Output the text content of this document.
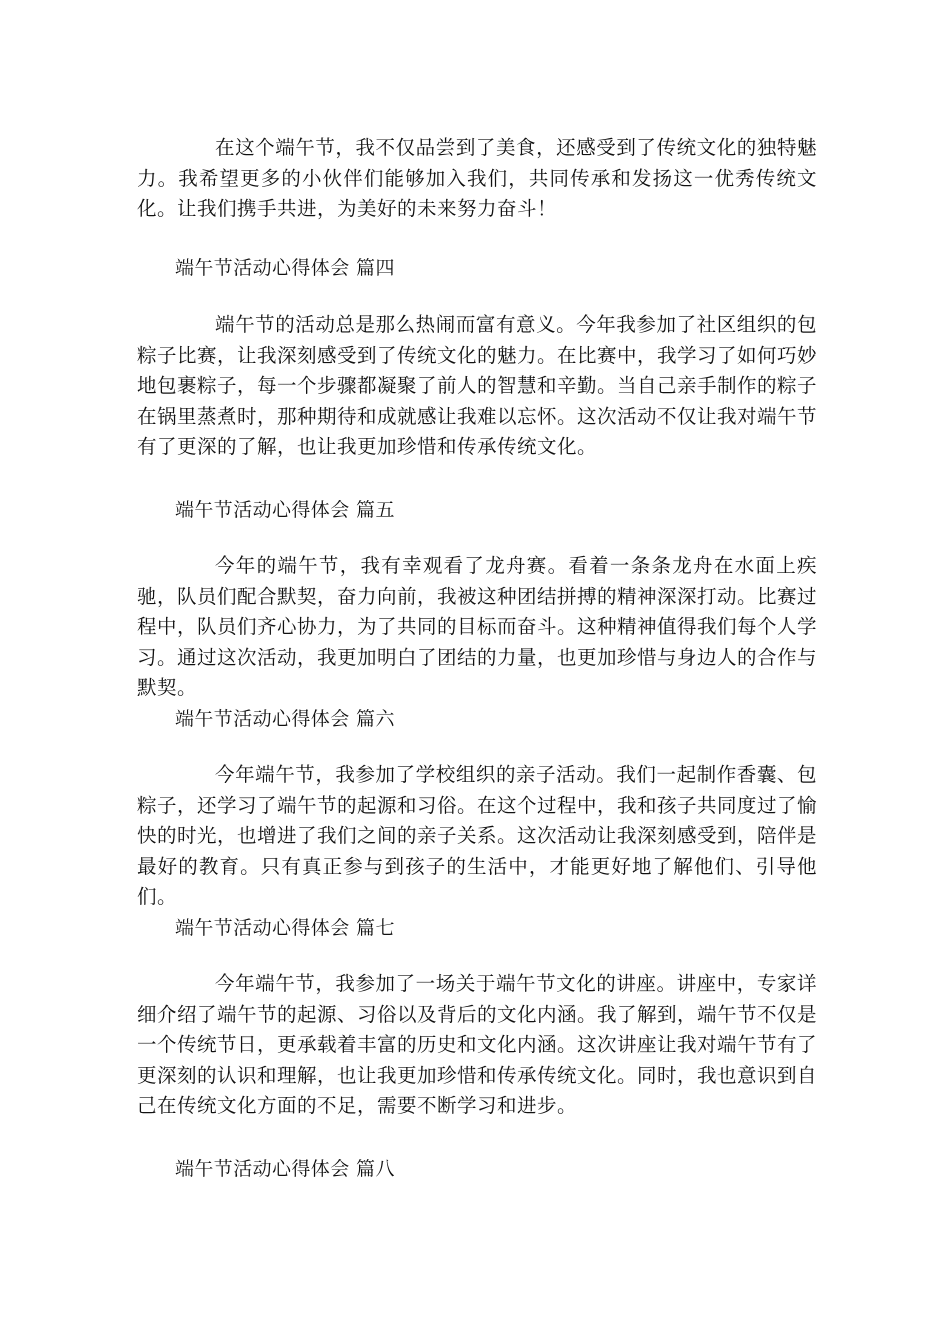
在这个端午节，我不仅品尝到了美食，还感受到了传统文化的独特魅力。我希望更多的小伙伴们能够加入我们，共同传承和发扬这一优秀传统文化。让我们携手共进，为美好的未来努力奋斗！

端午节活动心得体会 篇四

端午节的活动总是那么热闹而富有意义。今年我参加了社区组织的包粽子比赛，让我深刻感受到了传统文化的魅力。在比赛中，我学习了如何巧妙地包裹粽子，每一个步骤都凝聚了前人的智慧和辛勤。当自己亲手制作的粽子在锅里蒸煮时，那种期待和成就感让我难以忘怀。这次活动不仅让我对端午节有了更深的了解，也让我更加珍惜和传承传统文化。

端午节活动心得体会 篇五

今年的端午节，我有幸观看了龙舟赛。看着一条条龙舟在水面上疾驰，队员们配合默契，奋力向前，我被这种团结拼搏的精神深深打动。比赛过程中，队员们齐心协力，为了共同的目标而奋斗。这种精神值得我们每个人学习。通过这次活动，我更加明白了团结的力量，也更加珍惜与身边人的合作与默契。

端午节活动心得体会 篇六

今年端午节，我参加了学校组织的亲子活动。我们一起制作香囊、包粽子，还学习了端午节的起源和习俗。在这个过程中，我和孩子共同度过了愉快的时光，也增进了我们之间的亲子关系。这次活动让我深刻感受到，陪伴是最好的教育。只有真正参与到孩子的生活中，才能更好地了解他们、引导他们。

端午节活动心得体会 篇七

今年端午节，我参加了一场关于端午节文化的讲座。讲座中，专家详细介绍了端午节的起源、习俗以及背后的文化内涵。我了解到，端午节不仅是一个传统节日，更承载着丰富的历史和文化内涵。这次讲座让我对端午节有了更深刻的认识和理解，也让我更加珍惜和传承传统文化。同时，我也意识到自己在传统文化方面的不足，需要不断学习和进步。

端午节活动心得体会 篇八
